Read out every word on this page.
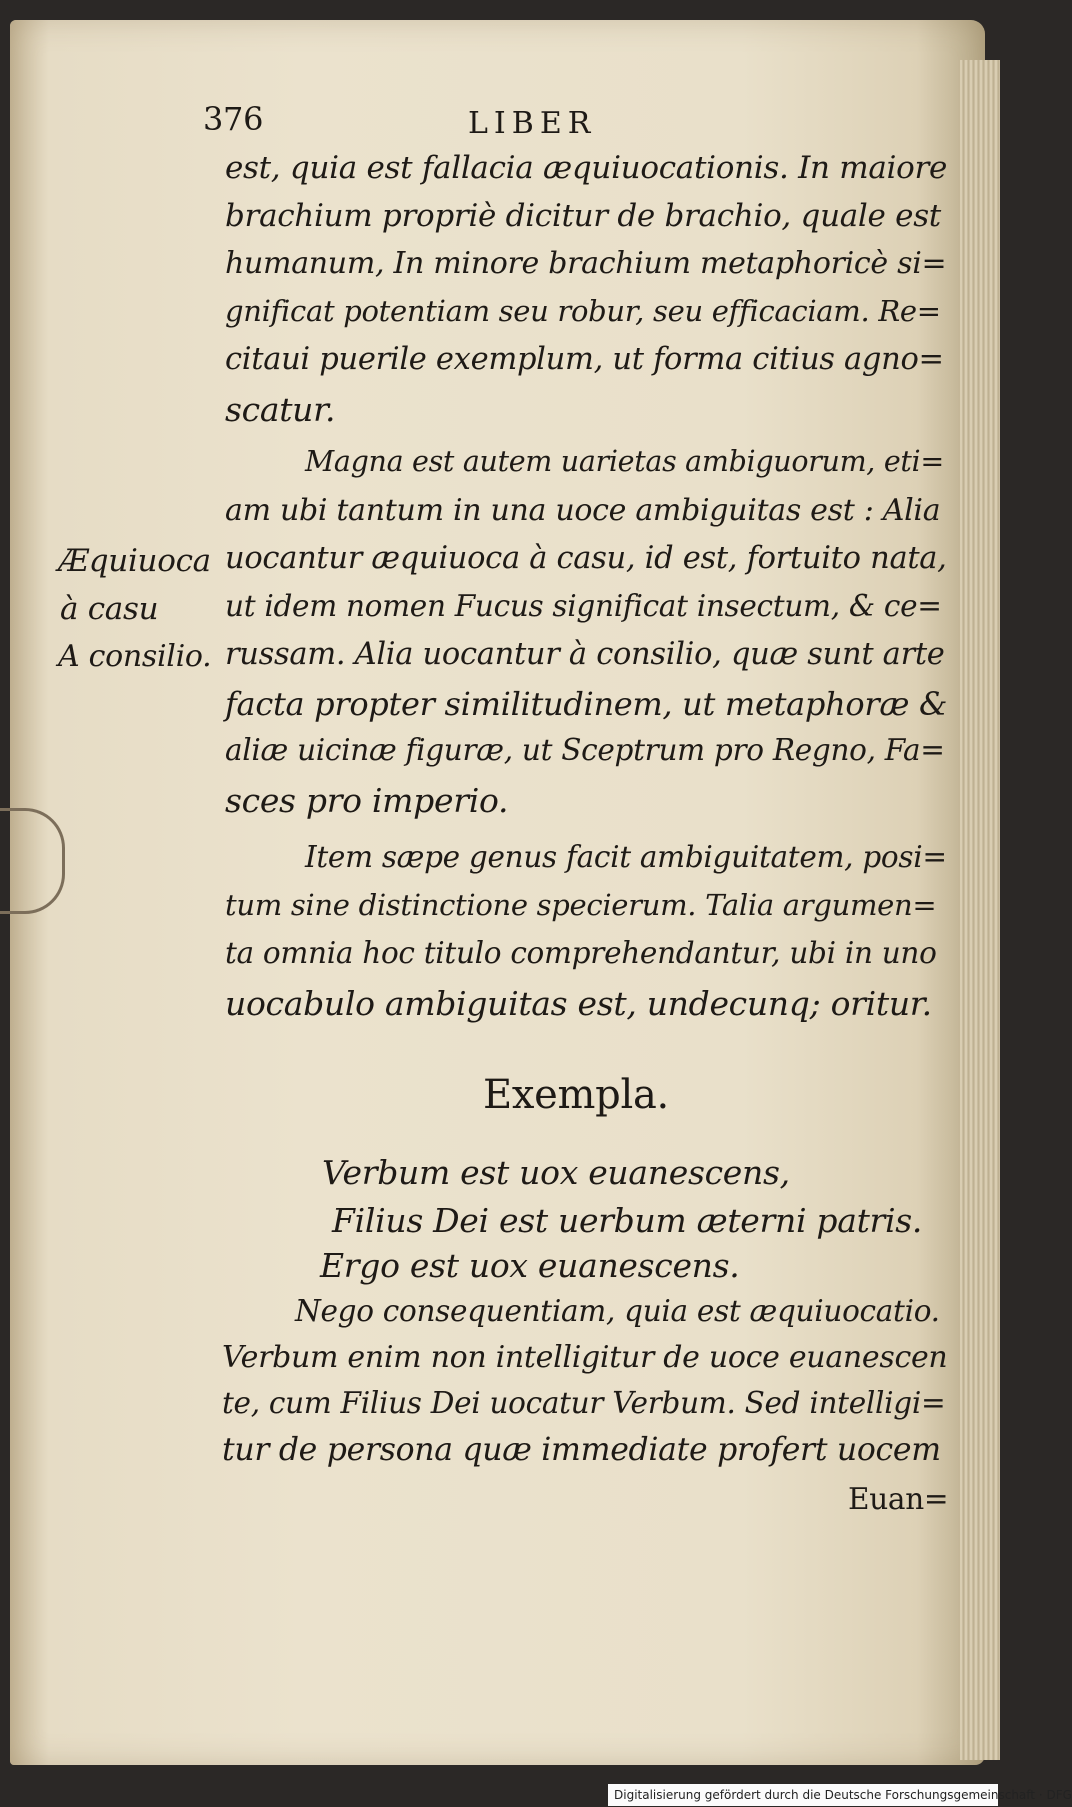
376	LIBER
est, quia est fallacia æquiuocationis. In maiore
brachium propriè dicitur de brachio, quale est
humanum, In minore brachium metaphoricè si=
gnificat potentiam seu robur, seu efficaciam. Re=
citaui puerile exemplum, ut forma citius agno=
scatur.
Magna est autem uarietas ambiguorum, eti=
am ubi tantum in una uoce ambiguitas est : Alia
uocantur æquiuoca à casu, id est, fortuito nata,
ut idem nomen Fucus significat insectum, & ce=
russam. Alia uocantur à consilio, quæ sunt arte
facta propter similitudinem, ut metaphoræ &
aliæ uicinæ figuræ, ut Sceptrum pro Regno, Fa=
sces pro imperio.
Item sæpe genus facit ambiguitatem, posi=
tum sine distinctione specierum. Talia argumen=
ta omnia hoc titulo comprehendantur, ubi in uno
uocabulo ambiguitas est, undecunq; oritur.
Æquiuoca
à casu
A consilio.
Exempla.
Verbum est uox euanescens,
Filius Dei est uerbum æterni patris.
Ergo est uox euanescens.
Nego consequentiam, quia est æquiuocatio.
Verbum enim non intelligitur de uoce euanescen
te, cum Filius Dei uocatur Verbum. Sed intelligi=
tur de persona quæ immediate profert uocem
Euan=
Digitalisierung gefördert durch die Deutsche Forschungsgemeinschaft · DFG
